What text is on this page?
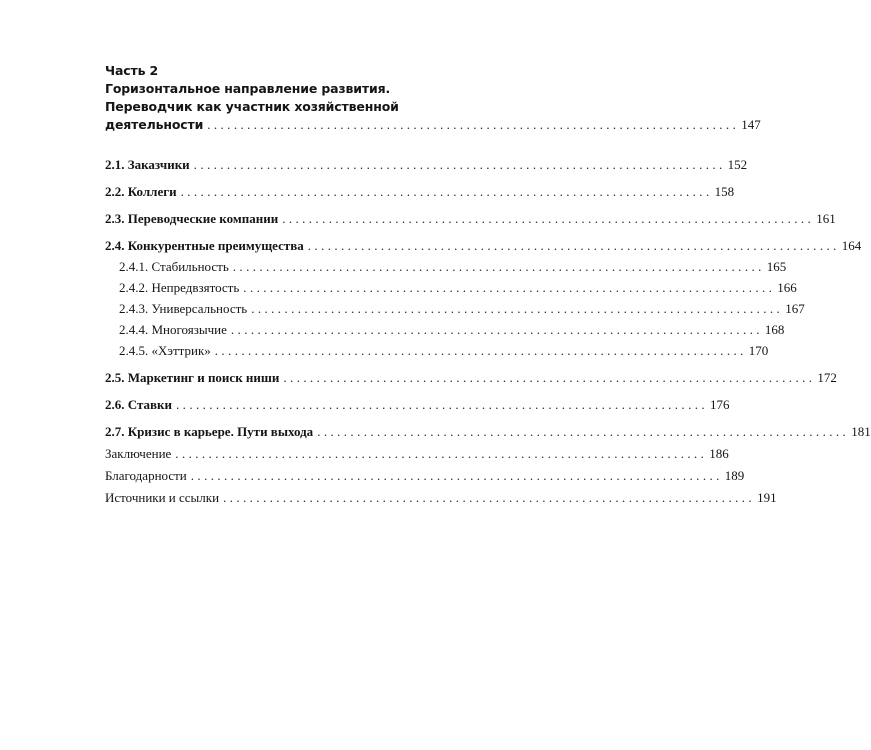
Часть 2
Горизонтальное направление развития.
Переводчик как участник хозяйственной
деятельности ................................................................................ 147
2.1. Заказчики ................................................................................ 152
2.2. Коллеги ................................................................................ 158
2.3. Переводческие компании ................................................................................ 161
2.4. Конкурентные преимущества ................................................................................ 164
2.4.1. Стабильность ................................................................................ 165
2.4.2. Непредвзятость ................................................................................ 166
2.4.3. Универсальность ................................................................................ 167
2.4.4. Многоязычие ................................................................................ 168
2.4.5. «Хэттрик» ................................................................................ 170
2.5. Маркетинг и поиск ниши ................................................................................ 172
2.6. Ставки ................................................................................ 176
2.7. Кризис в карьере. Пути выхода ................................................................................ 181
Заключение ................................................................................ 186
Благодарности ................................................................................ 189
Источники и ссылки ................................................................................ 191
